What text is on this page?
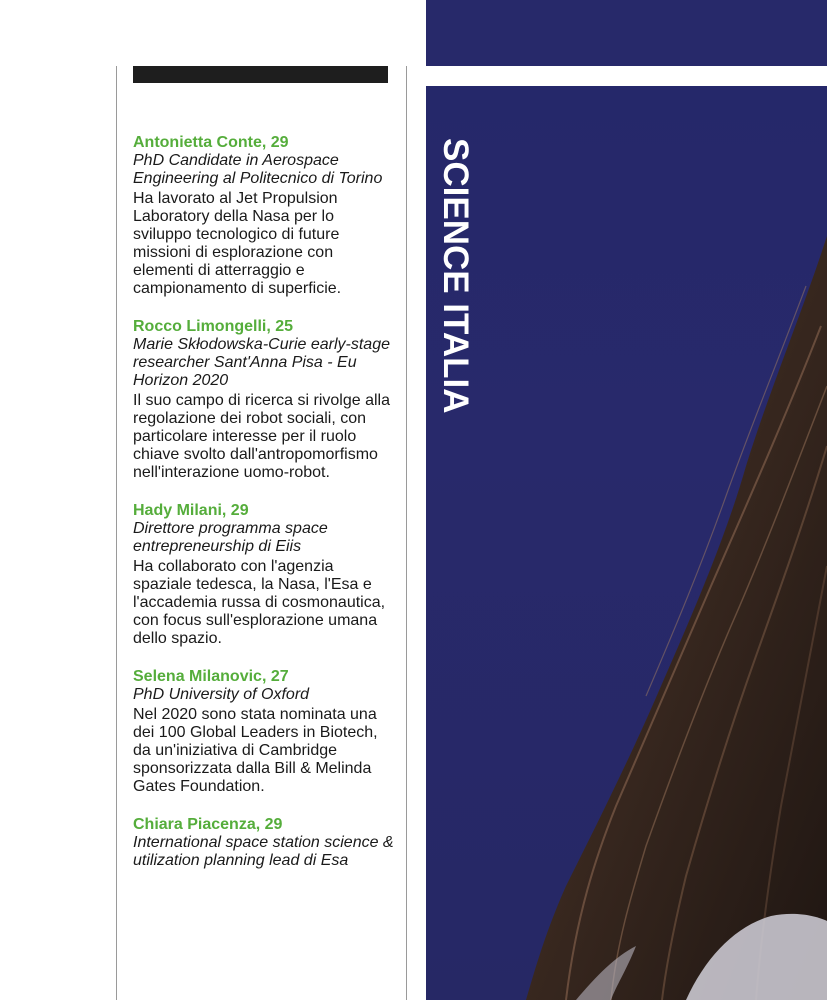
SCIENCE ITALIA

Antonietta Conte, 29

PhD Candidate in Aerospace Engineering al Politecnico di Torino

Ha lavorato al Jet Propulsion Laboratory della Nasa per lo sviluppo tecnologico di future missioni di esplorazione con elementi di atterraggio e campionamento di superficie.

Rocco Limongelli, 25

Marie Skłodowska-Curie early-stage researcher Sant'Anna Pisa - Eu Horizon 2020

Il suo campo di ricerca si rivolge alla regolazione dei robot sociali, con particolare interesse per il ruolo chiave svolto dall'antropomorfismo nell'interazione uomo-robot.

Hady Milani, 29

Direttore programma space entrepreneurship di Eiis

Ha collaborato con l'agenzia spaziale tedesca, la Nasa, l'Esa e l'accademia russa di cosmonautica, con focus sull'esplorazione umana dello spazio.

Selena Milanovic, 27

PhD University of Oxford

Nel 2020 sono stata nominata una dei 100 Global Leaders in Biotech, da un'iniziativa di Cambridge sponsorizzata dalla Bill & Melinda Gates Foundation.

Chiara Piacenza, 29

International space station science & utilization planning lead di Esa
